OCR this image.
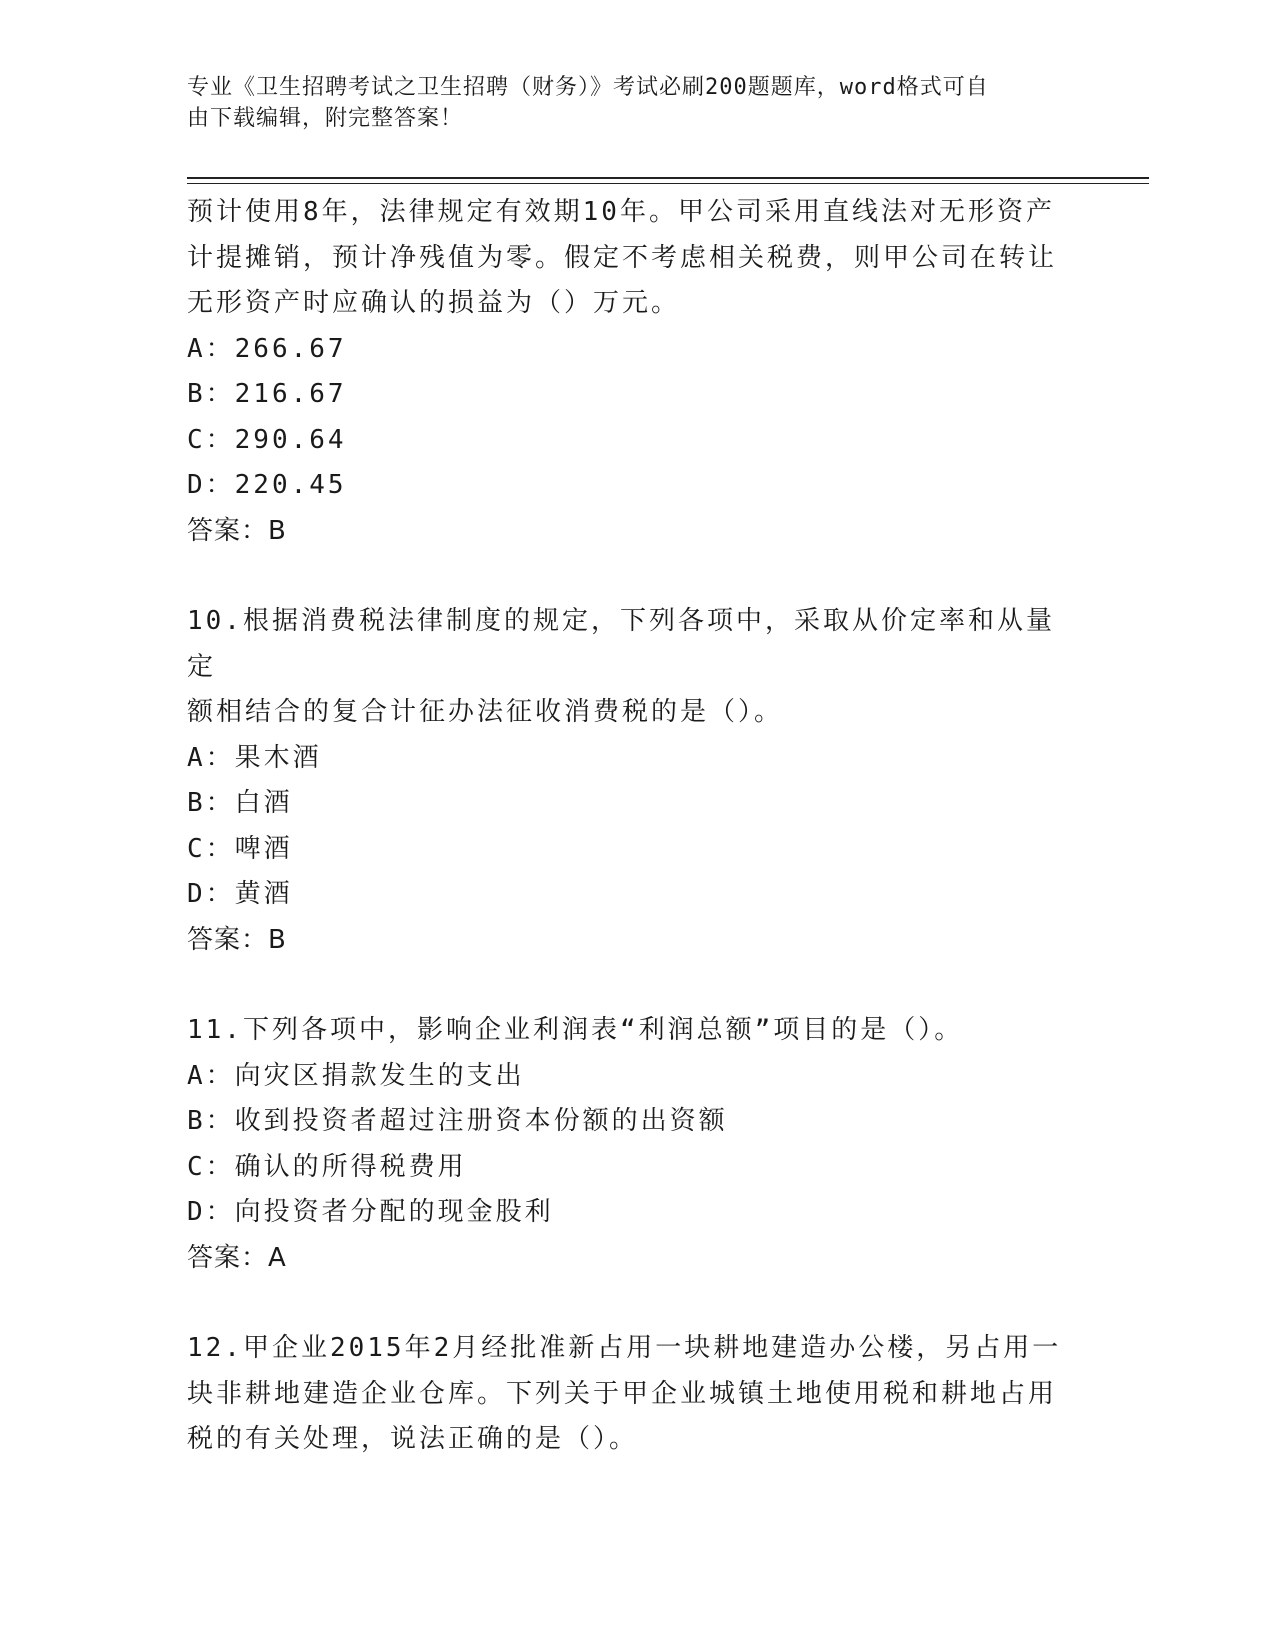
专业《卫生招聘考试之卫生招聘（财务）》考试必刷200题题库，word格式可自
由下载编辑，附完整答案！

预计使用8年，法律规定有效期10年。甲公司采用直线法对无形资产

计提摊销，预计净残值为零。假定不考虑相关税费，则甲公司在转让

无形资产时应确认的损益为（）万元。

A：266.67

B：216.67

C：290.64

D：220.45

答案：B

10.根据消费税法律制度的规定，下列各项中，采取从价定率和从量定

额相结合的复合计征办法征收消费税的是（）。

A：果木酒

B：白酒

C：啤酒

D：黄酒

答案：B

11.下列各项中，影响企业利润表“利润总额”项目的是（）。

A：向灾区捐款发生的支出

B：收到投资者超过注册资本份额的出资额

C：确认的所得税费用

D：向投资者分配的现金股利

答案：A

12.甲企业2015年2月经批准新占用一块耕地建造办公楼，另占用一

块非耕地建造企业仓库。下列关于甲企业城镇土地使用税和耕地占用

税的有关处理，说法正确的是（）。
